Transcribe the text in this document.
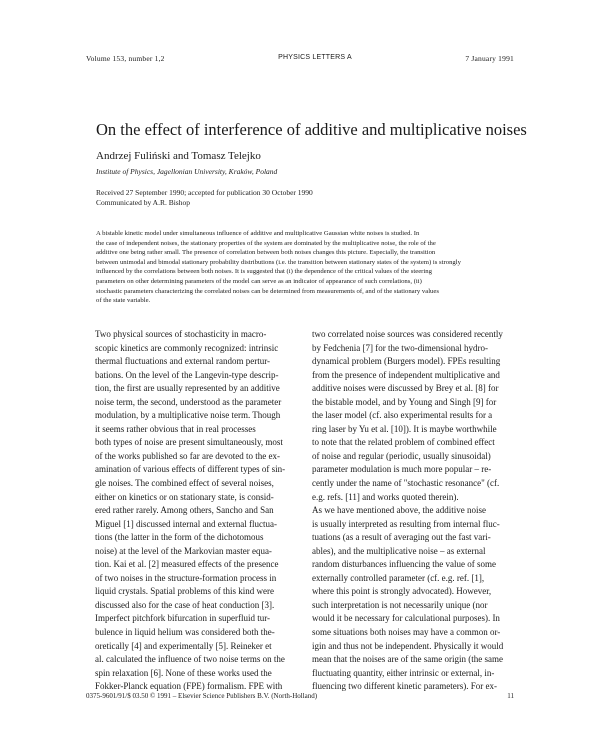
Volume 153, number 1,2	PHYSICS LETTERS A	7 January 1991
On the effect of interference of additive and multiplicative noises
Andrzej Fuliński and Tomasz Telejko
Institute of Physics, Jagellonian University, Kraków, Poland
Received 27 September 1990; accepted for publication 30 October 1990
Communicated by A.R. Bishop
A bistable kinetic model under simultaneous influence of additive and multiplicative Gaussian white noises is studied. In
the case of independent noises, the stationary properties of the system are dominated by the multiplicative noise, the role of the
additive one being rather small. The presence of correlation between both noises changes this picture. Especially, the transition
between unimodal and bimodal stationary probability distributions (i.e. the transition between stationary states of the system) is strongly
influenced by the correlations between both noises. It is suggested that (i) the dependence of the critical values of the steering
parameters on other determining parameters of the model can serve as an indicator of appearance of such correlations, (ii)
stochastic parameters characterizing the correlated noises can be determined from measurements of, and of the stationary values
of the state variable.
Two physical sources of stochasticity in macro-
scopic kinetics are commonly recognized: intrinsic
thermal fluctuations and external random pertur-
bations. On the level of the Langevin-type descrip-
tion, the first are usually represented by an additive
noise term, the second, understood as the parameter
modulation, by a multiplicative noise term. Though
it seems rather obvious that in real processes
both types of noise are present simultaneously, most
of the works published so far are devoted to the ex-
amination of various effects of different types of sin-
gle noises. The combined effect of several noises,
either on kinetics or on stationary state, is consid-
ered rather rarely. Among others, Sancho and San
Miguel [1] discussed internal and external fluctua-
tions (the latter in the form of the dichotomous
noise) at the level of the Markovian master equa-
tion. Kai et al. [2] measured effects of the presence
of two noises in the structure-formation process in
liquid crystals. Spatial problems of this kind were
discussed also for the case of heat conduction [3].
Imperfect pitchfork bifurcation in superfluid tur-
bulence in liquid helium was considered both the-
oretically [4] and experimentally [5]. Reineker et
al. calculated the influence of two noise terms on the
spin relaxation [6]. None of these works used the
Fokker-Planck equation (FPE) formalism. FPE with
two correlated noise sources was considered recently
by Fedchenia [7] for the two-dimensional hydro-
dynamical problem (Burgers model). FPEs resulting
from the presence of independent multiplicative and
additive noises were discussed by Brey et al. [8] for
the bistable model, and by Young and Singh [9] for
the laser model (cf. also experimental results for a
ring laser by Yu et al. [10]). It is maybe worthwhile
to note that the related problem of combined effect
of noise and regular (periodic, usually sinusoidal)
parameter modulation is much more popular – re-
cently under the name of "stochastic resonance" (cf.
e.g. refs. [11] and works quoted therein).
As we have mentioned above, the additive noise
is usually interpreted as resulting from internal fluc-
tuations (as a result of averaging out the fast vari-
ables), and the multiplicative noise – as external
random disturbances influencing the value of some
externally controlled parameter (cf. e.g. ref. [1],
where this point is strongly advocated). However,
such interpretation is not necessarily unique (nor
would it be necessary for calculational purposes). In
some situations both noises may have a common or-
igin and thus not be independent. Physically it would
mean that the noises are of the same origin (the same
fluctuating quantity, either intrinsic or external, in-
fluencing two different kinetic parameters). For ex-
0375-9601/91/$ 03.50 © 1991 – Elsevier Science Publishers B.V. (North-Holland)	11
